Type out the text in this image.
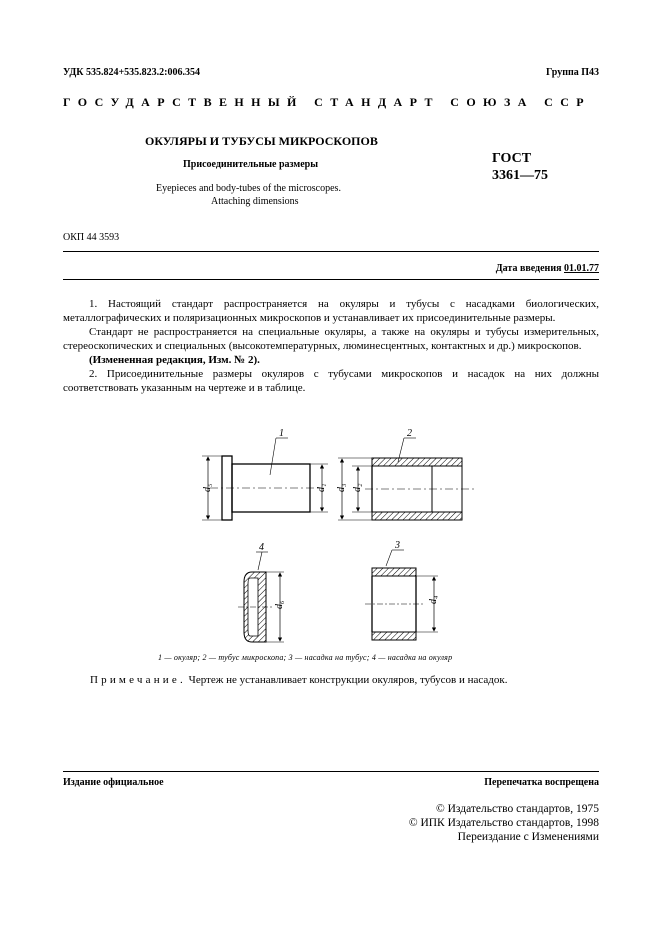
УДК 535.824+535.823.2:006.354	Группа П43
ГОСУДАРСТВЕННЫЙ СТАНДАРТ СОЮЗА ССР
ОКУЛЯРЫ И ТУБУСЫ МИКРОСКОПОВ
Присоединительные размеры	ГОСТ
3361—75
Eyepieces and body-tubes of the microscopes.
Attaching dimensions
ОКП 44 3593
Дата введения 01.01.77

1. Настоящий стандарт распространяется на окуляры и тубусы с насадками биологических, металлографических и поляризационных микроскопов и устанавливает их присоединительные размеры.

Стандарт не распространяется на специальные окуляры, а также на окуляры и тубусы измерительных, стереоскопических и специальных (высокотемпературных, люминесцентных, контактных и др.) микроскопов.

(Измененная редакция, Изм. № 2).

2. Присоединительные размеры окуляров с тубусами микроскопов и насадок на них должны соответствовать указанным на чертеже и в таблице.

d₅	d₁
1
d₃ d₂
2
d₆
4
d₄
3
1 — окуляр; 2 — тубус микроскопа; 3 — насадка на тубус; 4 — насадка на окуляр
Примечание. Чертеж не устанавливает конструкции окуляров, тубусов и насадок.
Издание официальное	Перепечатка воспрещена
© Издательство стандартов, 1975
© ИПК Издательство стандартов, 1998
Переиздание с Изменениями
